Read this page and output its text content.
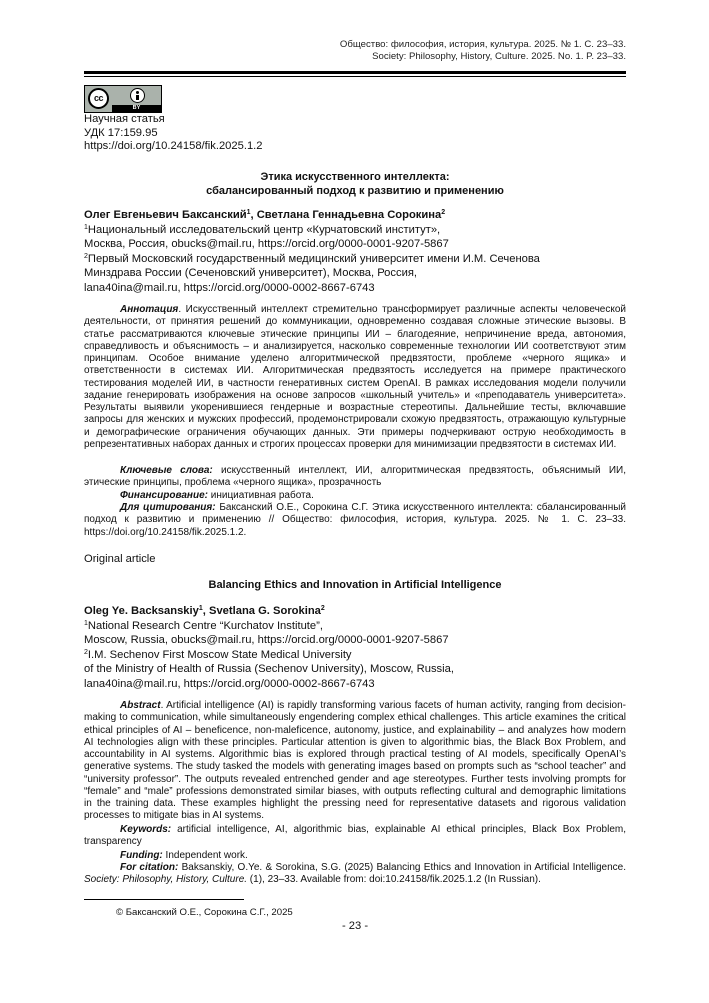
Общество: философия, история, культура. 2025. № 1. С. 23–33.
Society: Philosophy, History, Culture. 2025. No. 1. P. 23–33.
cc
BY
Научная статья
УДК 17:159.95
https://doi.org/10.24158/fik.2025.1.2
Этика искусственного интеллекта:
сбалансированный подход к развитию и применению
Олег Евгеньевич Баксанский$^1$, Светлана Геннадьевна Сорокина$^2$
$^1$Национальный исследовательский центр «Курчатовский институт»,
Москва, Россия, obucks@mail.ru, https://orcid.org/0000-0001-9207-5867
$^2$Первый Московский государственный медицинский университет имени И.М. Сеченова
Минздрава России (Сеченовский университет), Москва, Россия,
lana40ina@mail.ru, https://orcid.org/0000-0002-8667-6743
Аннотация. Искусственный интеллект стремительно трансформирует различные аспекты человеческой деятельности, от принятия решений до коммуникации, одновременно создавая сложные этические вызовы. В статье рассматриваются ключевые этические принципы ИИ – благодеяние, непричинение вреда, автономия, справедливость и объяснимость – и анализируется, насколько современные технологии ИИ соответствуют этим принципам. Особое внимание уделено алгоритмической предвзятости, проблеме «черного ящика» и ответственности в системах ИИ. Алгоритмическая предвзятость исследуется на примере практического тестирования моделей ИИ, в частности генеративных систем OpenAI. В рамках исследования модели получили задание генерировать изображения на основе запросов «школьный учитель» и «преподаватель университета». Результаты выявили укоренившиеся гендерные и возрастные стереотипы. Дальнейшие тесты, включавшие запросы для женских и мужских профессий, продемонстрировали схожую предвзятость, отражающую культурные и демографические ограничения обучающих данных. Эти примеры подчеркивают острую необходимость в репрезентативных наборах данных и строгих процессах проверки для минимизации предвзятости в системах ИИ.
Ключевые слова: искусственный интеллект, ИИ, алгоритмическая предвзятость, объяснимый ИИ, этические принципы, проблема «черного ящика», прозрачность
Финансирование: инициативная работа.
Для цитирования: Баксанский О.Е., Сорокина С.Г. Этика искусственного интеллекта: сбалансированный подход к развитию и применению // Общество: философия, история, культура. 2025. № 1. С. 23–33. https://doi.org/10.24158/fik.2025.1.2.
Original article
Balancing Ethics and Innovation in Artificial Intelligence
Oleg Ye. Backsanskiy$^1$, Svetlana G. Sorokina$^2$
$^1$National Research Centre “Kurchatov Institute”,
Moscow, Russia, obucks@mail.ru, https://orcid.org/0000-0001-9207-5867
$^2$I.M. Sechenov First Moscow State Medical University
of the Ministry of Health of Russia (Sechenov University), Moscow, Russia,
lana40ina@mail.ru, https://orcid.org/0000-0002-8667-6743
Abstract. Artificial intelligence (AI) is rapidly transforming various facets of human activity, ranging from decision-making to communication, while simultaneously engendering complex ethical challenges. This article examines the critical ethical principles of AI – beneficence, non-maleficence, autonomy, justice, and explainability – and analyzes how modern AI technologies align with these principles. Particular attention is given to algorithmic bias, the Black Box Problem, and accountability in AI systems. Algorithmic bias is explored through practical testing of AI models, specifically OpenAI’s generative systems. The study tasked the models with generating images based on prompts such as “school teacher” and “university professor”. The outputs revealed entrenched gender and age stereotypes. Further tests involving prompts for “female” and “male” professions demonstrated similar biases, with outputs reflecting cultural and demographic limitations in the training data. These examples highlight the pressing need for representative datasets and rigorous validation processes to mitigate bias in AI systems.
Keywords: artificial intelligence, AI, algorithmic bias, explainable AI ethical principles, Black Box Problem, transparency
Funding: Independent work.
For citation: Baksanskiy, O.Ye. & Sorokina, S.G. (2025) Balancing Ethics and Innovation in Artificial Intelligence. Society: Philosophy, History, Culture. (1), 23–33. Available from: doi:10.24158/fik.2025.1.2 (In Russian).
© Баксанский О.Е., Сорокина С.Г., 2025
- 23 -
